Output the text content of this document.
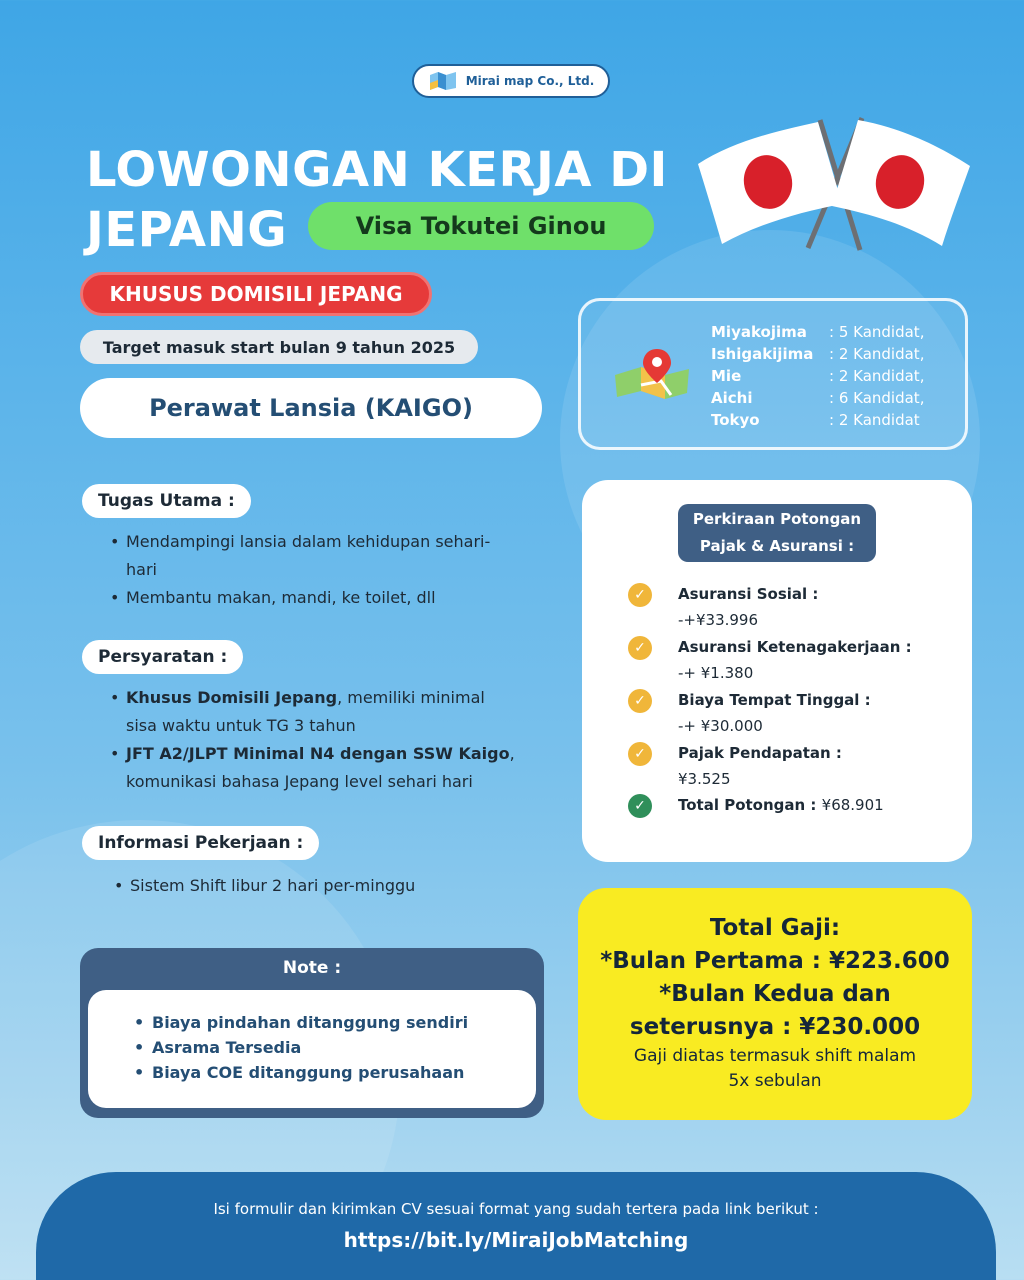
Mirai map Co., Ltd.
LOWONGAN KERJA DI
JEPANG	Visa Tokutei Ginou
KHUSUS DOMISILI JEPANG
Target masuk start bulan 9 tahun 2025
Perawat Lansia (KAIGO)
Miyakojima	: 5 Kandidat,
Ishigakijima	: 2 Kandidat,
Mie	: 2 Kandidat,
Aichi	: 6 Kandidat,
Tokyo	: 2 Kandidat
Tugas Utama :
• Mendampingi lansia dalam kehidupan sehari-
hari
• Membantu makan, mandi, ke toilet, dll
Persyaratan :
• Khusus Domisili Jepang, memiliki minimal
sisa waktu untuk TG 3 tahun
• JFT A2/JLPT Minimal N4 dengan SSW Kaigo,
komunikasi bahasa Jepang level sehari hari
Informasi Pekerjaan :
• Sistem Shift libur 2 hari per-minggu
Perkiraan Potongan
Pajak & Asuransi :
✓	Asuransi Sosial :
-+¥33.996
✓	Asuransi Ketenagakerjaan :
-+ ¥1.380
✓	Biaya Tempat Tinggal :
-+ ¥30.000
✓	Pajak Pendapatan :
¥3.525
✓	Total Potongan : ¥68.901
Total Gaji:
*Bulan Pertama : ¥223.600
*Bulan Kedua dan
seterusnya : ¥230.000
Gaji diatas termasuk shift malam
5x sebulan
Note :
• Biaya pindahan ditanggung sendiri
• Asrama Tersedia
• Biaya COE ditanggung perusahaan
Isi formulir dan kirimkan CV sesuai format yang sudah tertera pada link berikut :
https://bit.ly/MiraiJobMatching
